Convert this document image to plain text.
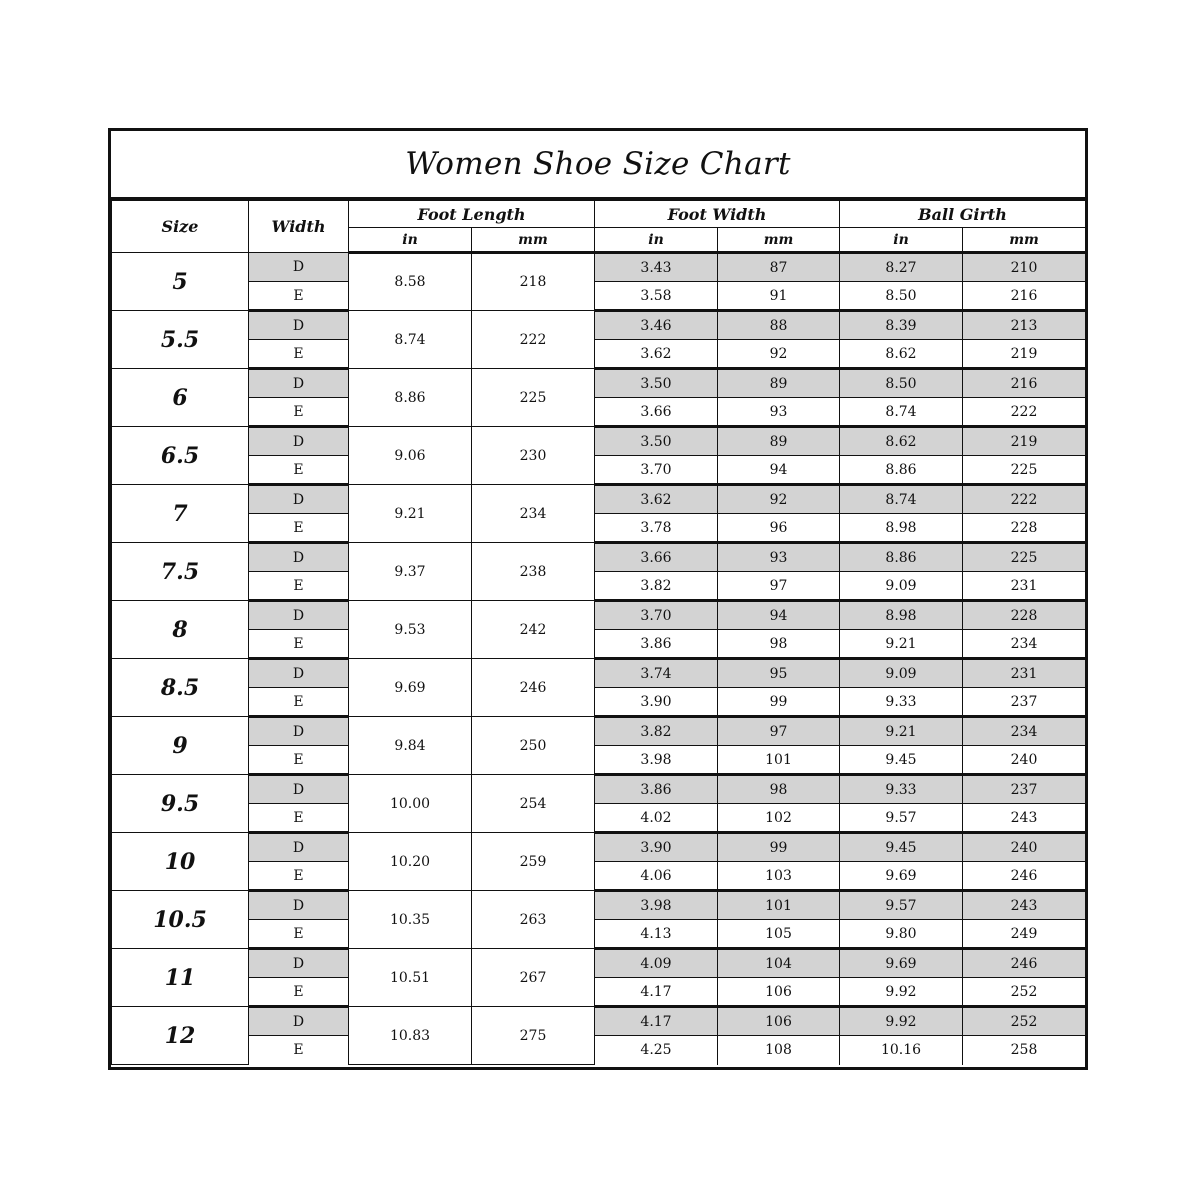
Women Shoe Size Chart
Size	Width	Foot Length		Foot Width		Ball Girth	
		in	mm	in	mm	in	mm
5	D	8.58	218	3.43	87	8.27	210
	E			3.58	91	8.50	216
5.5	D	8.74	222	3.46	88	8.39	213
	E			3.62	92	8.62	219
6	D	8.86	225	3.50	89	8.50	216
	E			3.66	93	8.74	222
6.5	D	9.06	230	3.50	89	8.62	219
	E			3.70	94	8.86	225
7	D	9.21	234	3.62	92	8.74	222
	E			3.78	96	8.98	228
7.5	D	9.37	238	3.66	93	8.86	225
	E			3.82	97	9.09	231
8	D	9.53	242	3.70	94	8.98	228
	E			3.86	98	9.21	234
8.5	D	9.69	246	3.74	95	9.09	231
	E			3.90	99	9.33	237
9	D	9.84	250	3.82	97	9.21	234
	E			3.98	101	9.45	240
9.5	D	10.00	254	3.86	98	9.33	237
	E			4.02	102	9.57	243
10	D	10.20	259	3.90	99	9.45	240
	E			4.06	103	9.69	246
10.5	D	10.35	263	3.98	101	9.57	243
	E			4.13	105	9.80	249
11	D	10.51	267	4.09	104	9.69	246
	E			4.17	106	9.92	252
12	D	10.83	275	4.17	106	9.92	252
	E			4.25	108	10.16	258
